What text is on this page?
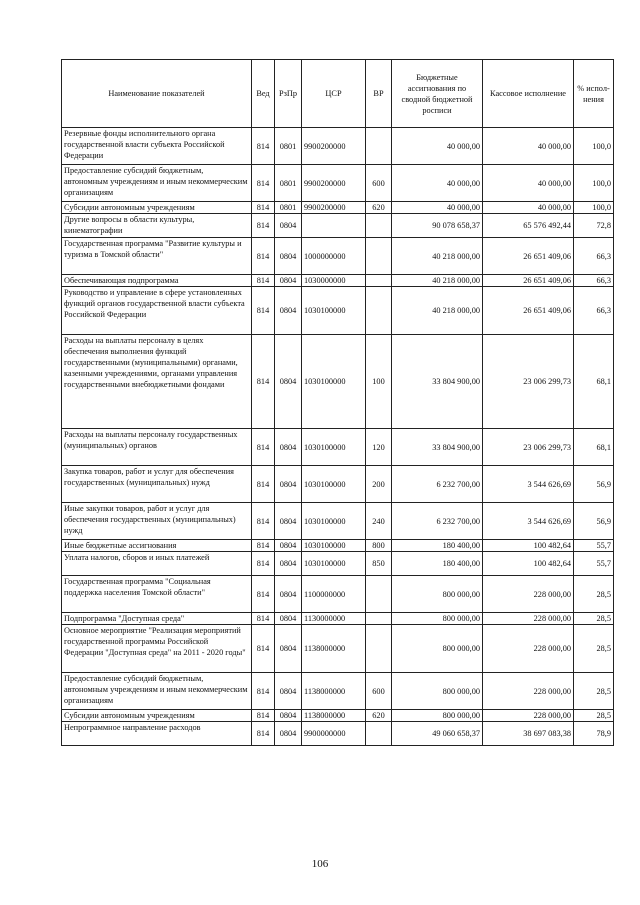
Наименование показателей	Вед	РзПр	ЦСР	ВР	Бюджетные ассигнования по сводной бюджетной росписи	Кассовое исполнение	% испол-нения
Резервные фонды исполнительного органа государственной власти субъекта Российской Федерации	814	0801	9900200000		40 000,00	40 000,00	100,0
Предоставление субсидий бюджетным, автономным учреждениям и иным некоммерческим организациям	814	0801	9900200000	600	40 000,00	40 000,00	100,0
Субсидии автономным учреждениям	814	0801	9900200000	620	40 000,00	40 000,00	100,0
Другие вопросы в области культуры, кинематографии	814	0804			90 078 658,37	65 576 492,44	72,8
Государственная программа "Развитие культуры и туризма в Томской области"	814	0804	1000000000		40 218 000,00	26 651 409,06	66,3
Обеспечивающая подпрограмма	814	0804	1030000000		40 218 000,00	26 651 409,06	66,3
Руководство и управление в сфере установленных функций органов государственной власти субъекта Российской Федерации	814	0804	1030100000		40 218 000,00	26 651 409,06	66,3
Расходы на выплаты персоналу в целях обеспечения выполнения функций государственными (муниципальными) органами, казенными учреждениями, органами управления государственными внебюджетными фондами	814	0804	1030100000	100	33 804 900,00	23 006 299,73	68,1
Расходы на выплаты персоналу государственных (муниципальных) органов	814	0804	1030100000	120	33 804 900,00	23 006 299,73	68,1
Закупка товаров, работ и услуг для обеспечения государственных (муниципальных) нужд	814	0804	1030100000	200	6 232 700,00	3 544 626,69	56,9
Иные закупки товаров, работ и услуг для обеспечения государственных (муниципальных) нужд	814	0804	1030100000	240	6 232 700,00	3 544 626,69	56,9
Иные бюджетные ассигнования	814	0804	1030100000	800	180 400,00	100 482,64	55,7
Уплата налогов, сборов и иных платежей	814	0804	1030100000	850	180 400,00	100 482,64	55,7
Государственная программа "Социальная поддержка населения Томской области"	814	0804	1100000000		800 000,00	228 000,00	28,5
Подпрограмма "Доступная среда"	814	0804	1130000000		800 000,00	228 000,00	28,5
Основное мероприятие "Реализация мероприятий государственной программы Российской Федерации "Доступная среда" на 2011 - 2020 годы"	814	0804	1138000000		800 000,00	228 000,00	28,5
Предоставление субсидий бюджетным, автономным учреждениям и иным некоммерческим организациям	814	0804	1138000000	600	800 000,00	228 000,00	28,5
Субсидии автономным учреждениям	814	0804	1138000000	620	800 000,00	228 000,00	28,5
Непрограммное направление расходов	814	0804	9900000000		49 060 658,37	38 697 083,38	78,9
106
